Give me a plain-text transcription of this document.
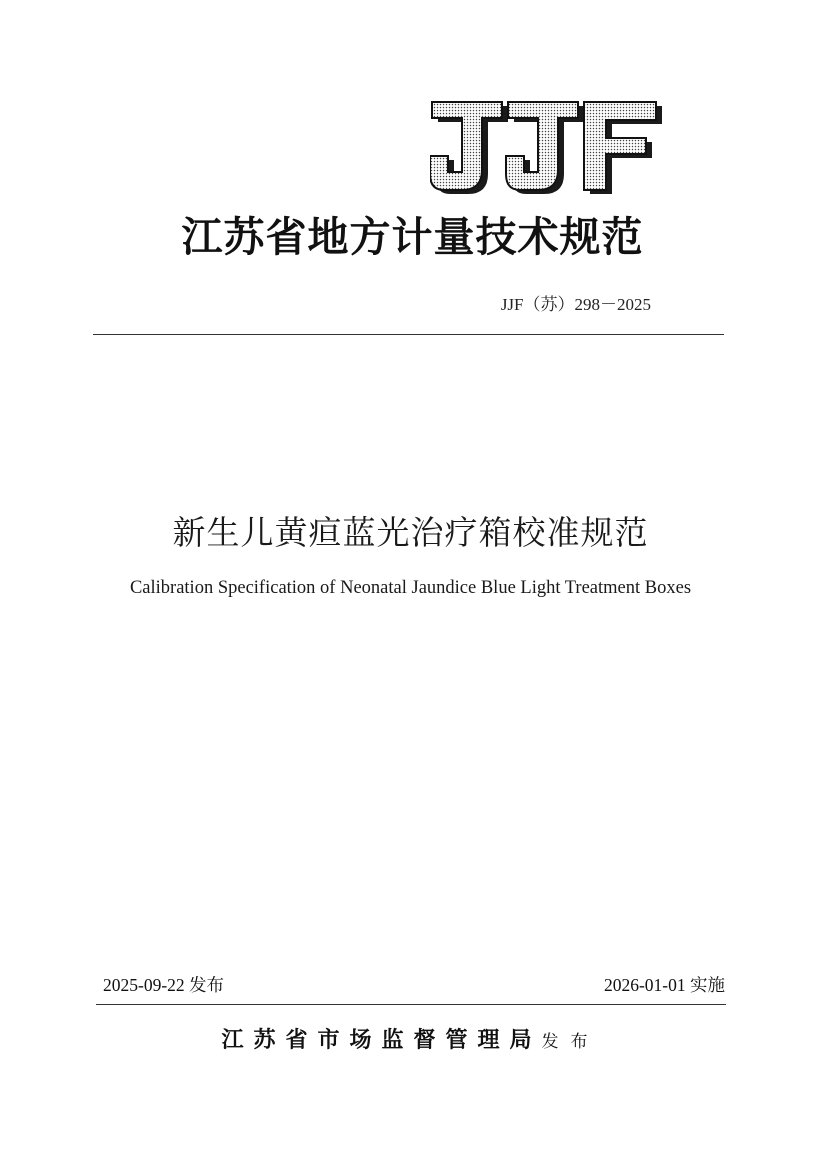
江苏省地方计量技术规范
JJF（苏）298－2025
新生儿黄疸蓝光治疗箱校准规范
Calibration Specification of Neonatal Jaundice Blue Light Treatment Boxes
2025-09-22 发布	2026-01-01 实施
江苏省市场监督管理局发布
